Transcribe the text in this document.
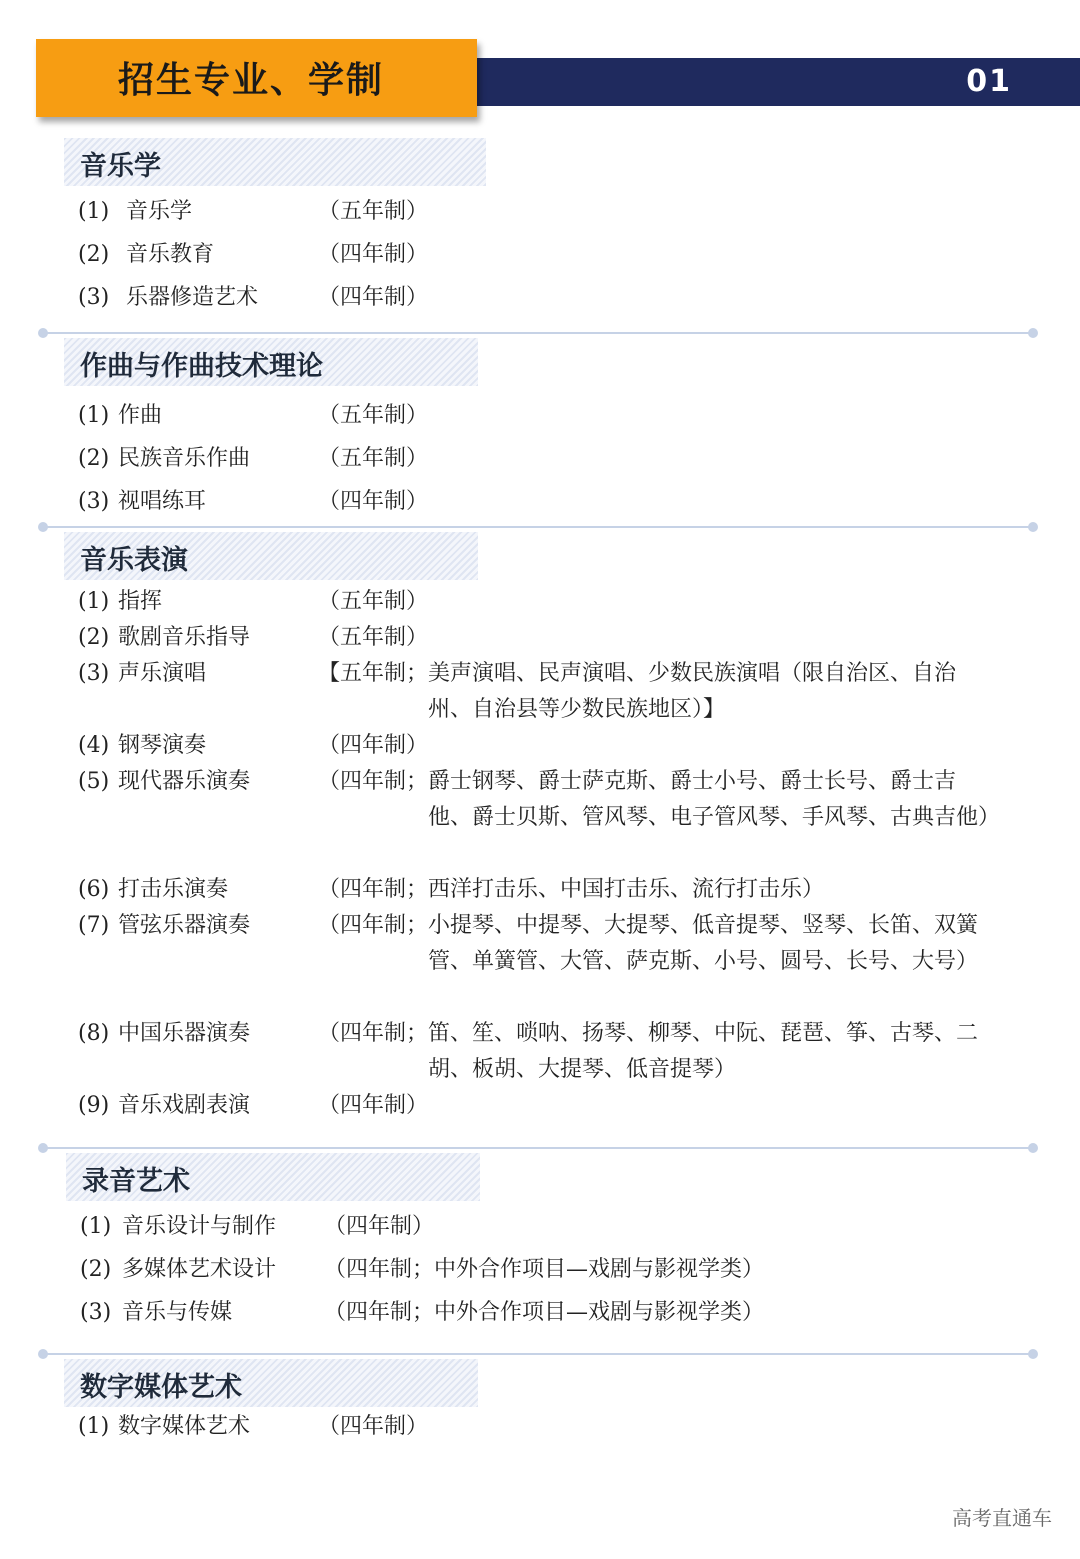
01
招生专业、学制
音乐学
(1) 音乐学	（五年制）
(2) 音乐教育	（四年制）
(3) 乐器修造艺术	（四年制）
作曲与作曲技术理论
(1) 作曲	（五年制）
(2) 民族音乐作曲	（五年制）
(3) 视唱练耳	（四年制）
音乐表演
(1) 指挥	（五年制）
(2) 歌剧音乐指导	（五年制）
(3) 声乐演唱	【五年制； 美声演唱、民声演唱、少数民族演唱（限自治区、自治州、自治县等少数民族地区）】
(4) 钢琴演奏	（四年制）
(5) 现代器乐演奏	（四年制； 爵士钢琴、爵士萨克斯、爵士小号、爵士长号、爵士吉他、爵士贝斯、管风琴、电子管风琴、手风琴、古典吉他）
(6) 打击乐演奏	（四年制； 西洋打击乐、中国打击乐、流行打击乐）
(7) 管弦乐器演奏	（四年制； 小提琴、中提琴、大提琴、低音提琴、竖琴、长笛、双簧管、单簧管、大管、萨克斯、小号、圆号、长号、大号）
(8) 中国乐器演奏	（四年制； 笛、笙、唢呐、扬琴、柳琴、中阮、琵琶、筝、古琴、二胡、板胡、大提琴、低音提琴）
(9) 音乐戏剧表演	（四年制）
录音艺术
(1) 音乐设计与制作 （四年制）
(2) 多媒体艺术设计 （四年制；中外合作项目—戏剧与影视学类）
(3) 音乐与传媒	（四年制；中外合作项目—戏剧与影视学类）
数字媒体艺术
(1) 数字媒体艺术	（四年制）
高考直通车
